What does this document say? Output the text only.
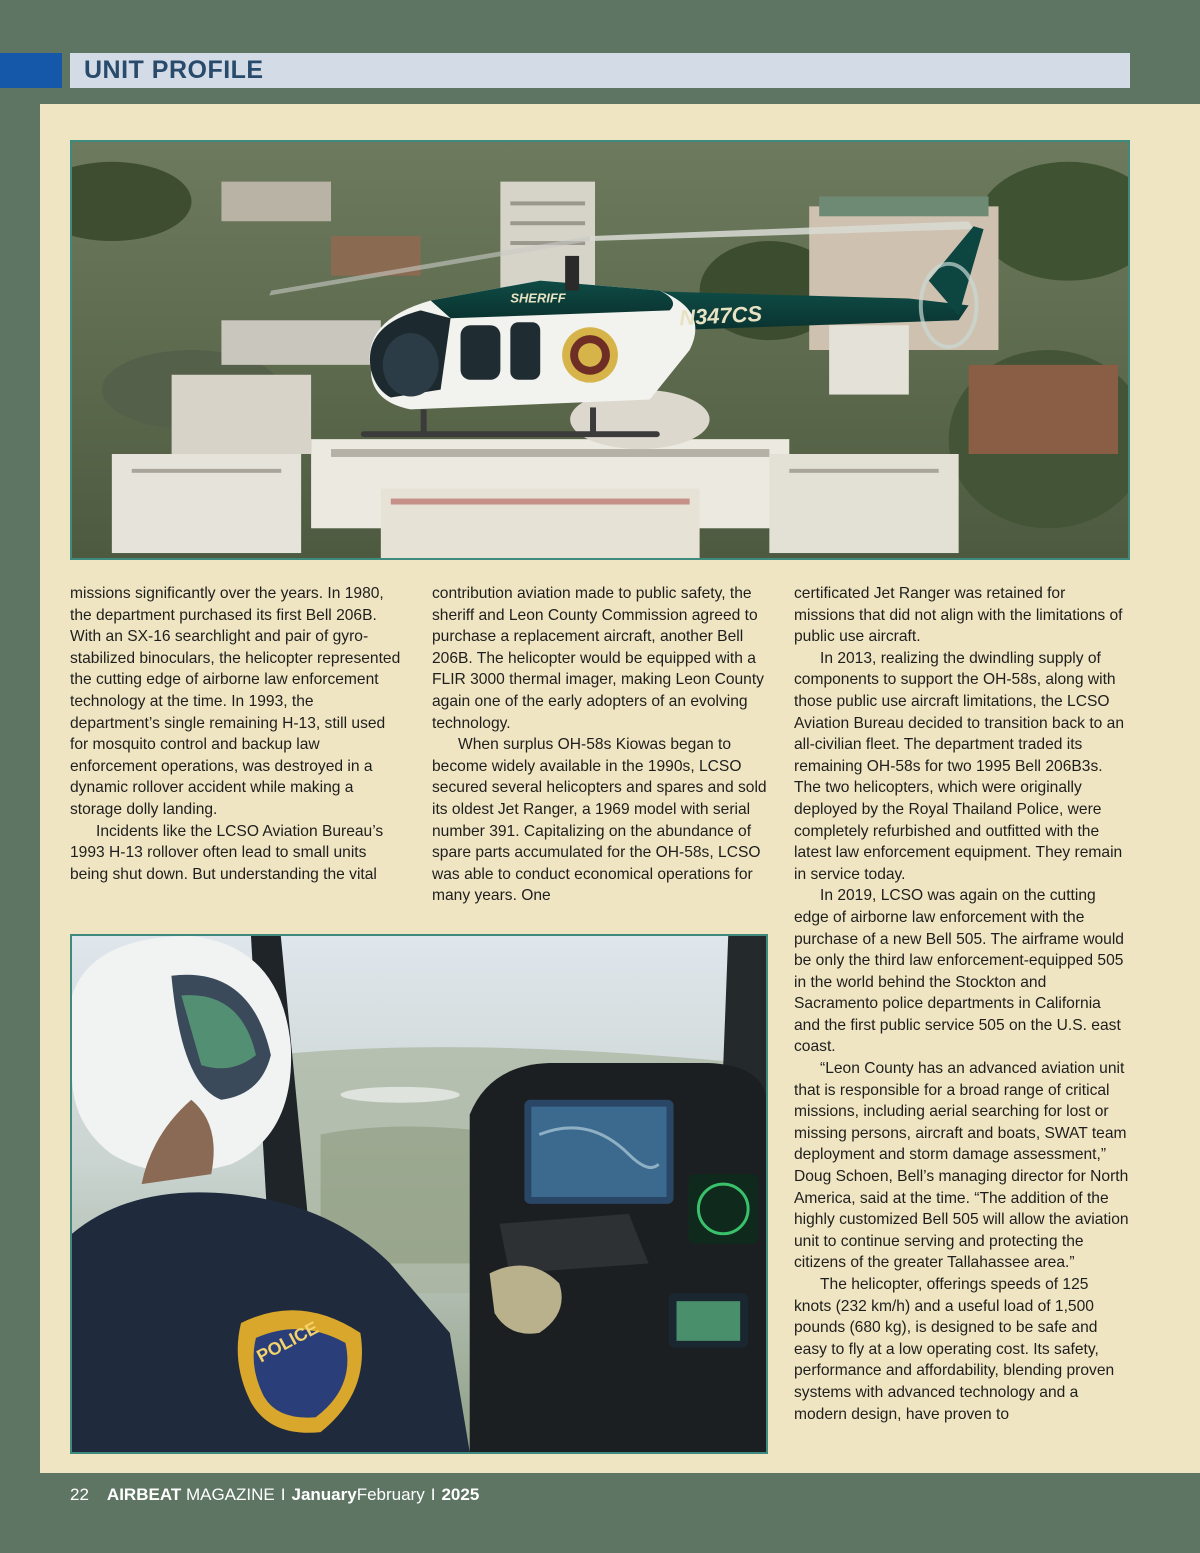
UNIT PROFILE
SHERIFF
N347CS

missions significantly over the years. In 1980, the department purchased its first Bell 206B. With an SX-16 searchlight and pair of gyro-stabilized binoculars, the helicopter represented the cutting edge of airborne law enforcement technology at the time. In 1993, the department’s single remaining H-13, still used for mosquito control and backup law enforcement operations, was destroyed in a dynamic rollover accident while making a storage dolly landing.

Incidents like the LCSO Aviation Bureau’s 1993 H-13 rollover often lead to small units being shut down. But understanding the vital

contribution aviation made to public safety, the sheriff and Leon County Commission agreed to purchase a replacement aircraft, another Bell 206B. The helicopter would be equipped with a FLIR 3000 thermal imager, making Leon County again one of the early adopters of an evolving technology.

When surplus OH-58s Kiowas began to become widely available in the 1990s, LCSO secured several helicopters and spares and sold its oldest Jet Ranger, a 1969 model with serial number 391. Capitalizing on the abundance of spare parts accumulated for the OH-58s, LCSO was able to conduct economical operations for many years. One

certificated Jet Ranger was retained for missions that did not align with the limitations of public use aircraft.

In 2013, realizing the dwindling supply of components to support the OH-58s, along with those public use aircraft limitations, the LCSO Aviation Bureau decided to transition back to an all-civilian fleet. The department traded its remaining OH-58s for two 1995 Bell 206B3s. The two helicopters, which were originally deployed by the Royal Thailand Police, were completely refurbished and outfitted with the latest law enforcement equipment. They remain in service today.

In 2019, LCSO was again on the cutting edge of airborne law enforcement with the purchase of a new Bell 505. The airframe would be only the third law enforcement-equipped 505 in the world behind the Stockton and Sacramento police departments in California and the first public service 505 on the U.S. east coast.

“Leon County has an advanced aviation unit that is responsible for a broad range of critical missions, including aerial searching for lost or missing persons, aircraft and boats, SWAT team deployment and storm damage assessment,” Doug Schoen, Bell’s managing director for North America, said at the time. “The addition of the highly customized Bell 505 will allow the aviation unit to continue serving and protecting the citizens of the greater Tallahassee area.”

The helicopter, offerings speeds of 125 knots (232 km/h) and a useful load of 1,500 pounds (680 kg), is designed to be safe and easy to fly at a low operating cost. Its safety, performance and affordability, blending proven systems with advanced technology and a modern design, have proven to

POLICE
22 AIRBEAT
MAGAZINE I January February I 2025
